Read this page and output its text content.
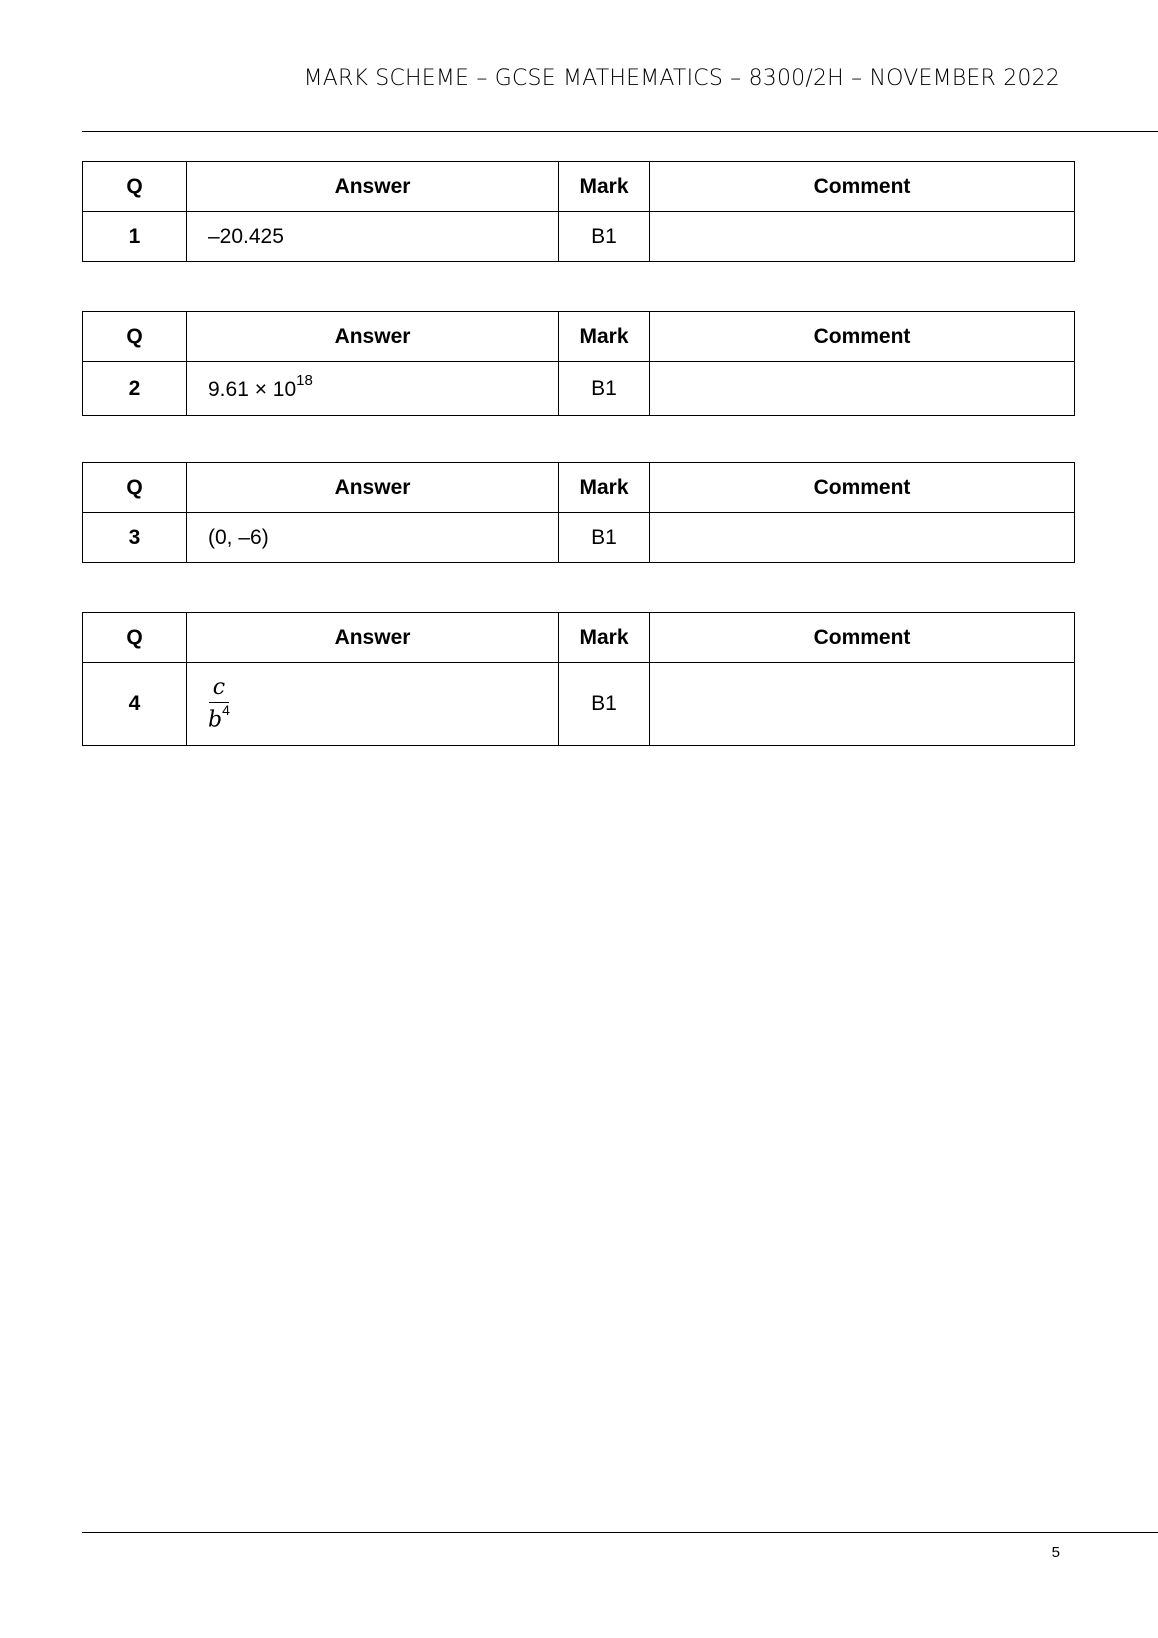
MARK SCHEME – GCSE MATHEMATICS – 8300/2H – NOVEMBER 2022
Q	Answer	Mark	Comment
1	–20.425	B1	
Q	Answer	Mark	Comment
2	$9.61 \times 10^{18}$	B1	
Q	Answer	Mark	Comment
3	(0, –6)	B1	
Q	Answer	Mark	Comment
4	$\frac{c}{b^4}$	B1	
5
